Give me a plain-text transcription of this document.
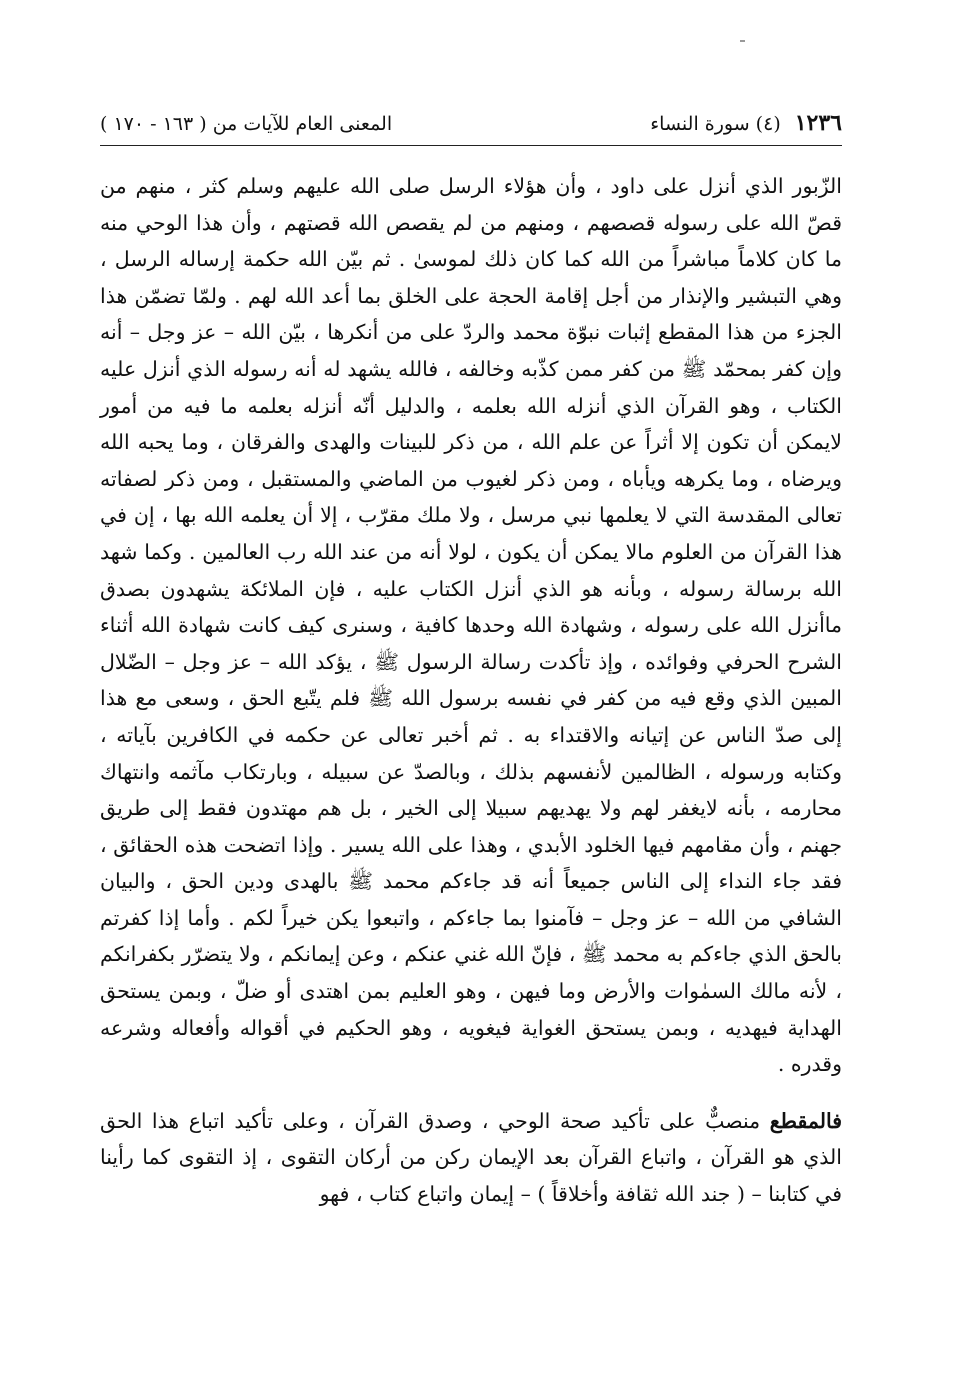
١٢٣٦
(٤) سورة النساء
المعنى العام للآيات من ( ١٦٣ - ١٧٠ )

الزّبور الذي أنزل على داود ، وأن هؤلاء الرسل صلى الله عليهم وسلم كثر ، منهم من قصّ الله على رسوله قصصهم ، ومنهم من لم يقصص الله قصتهم ، وأن هذا الوحي منه ما كان كلاماً مباشراً من الله كما كان ذلك لموسىٰ . ثم بيّن الله حكمة إرساله الرسل ، وهي التبشير والإنذار من أجل إقامة الحجة على الخلق بما أعد الله لهم . ولمّا تضمّن هذا الجزء من هذا المقطع إثبات نبوّة محمد والردّ على من أنكرها ، بيّن الله – عز وجل – أنه وإن كفر بمحمّد ﷺ من كفر ممن كذّبه وخالفه ، فالله يشهد له أنه رسوله الذي أنزل عليه الكتاب ، وهو القرآن الذي أنزله الله بعلمه ، والدليل أنّه أنزله بعلمه ما فيه من أمور لايمكن أن تكون إلا أثراً عن علم الله ، من ذكر للبينات والهدى والفرقان ، وما يحبه الله ويرضاه ، وما يكرهه ويأباه ، ومن ذكر لغيوب من الماضي والمستقبل ، ومن ذكر لصفاته تعالى المقدسة التي لا يعلمها نبي مرسل ، ولا ملك مقرّب ، إلا أن يعلمه الله بها ، إن في هذا القرآن من العلوم مالا يمكن أن يكون ، لولا أنه من عند الله رب العالمين . وكما شهد الله برسالة رسوله ، وبأنه هو الذي أنزل الكتاب عليه ، فإن الملائكة يشهدون بصدق ماأنزل الله على رسوله ، وشهادة الله وحدها كافية ، وسنرى كيف كانت شهادة الله أثناء الشرح الحرفي وفوائده ، وإذ تأكدت رسالة الرسول ﷺ ، يؤكد الله – عز وجل – الضّلال المبين الذي وقع فيه من كفر في نفسه برسول الله ﷺ فلم يتّبع الحق ، وسعى مع هذا إلى صدّ الناس عن إتيانه والاقتداء به . ثم أخبر تعالى عن حكمه في الكافرين بآياته ، وكتابه ورسوله ، الظالمين لأنفسهم بذلك ، وبالصدّ عن سبيله ، وبارتكاب مآثمه وانتهاك محارمه ، بأنه لايغفر لهم ولا يهديهم سبيلا إلى الخير ، بل هم مهتدون فقط إلى طريق جهنم ، وأن مقامهم فيها الخلود الأبدي ، وهذا على الله يسير . وإذا اتضحت هذه الحقائق ، فقد جاء النداء إلى الناس جميعاً أنه قد جاءكم محمد ﷺ بالهدى ودين الحق ، والبيان الشافي من الله – عز وجل – فآمنوا بما جاءكم ، واتبعوا يكن خيراً لكم . وأما إذا كفرتم بالحق الذي جاءكم به محمد ﷺ ، فإنّ الله غني عنكم ، وعن إيمانكم ، ولا يتضرّر بكفرانكم ، لأنه مالك السمٰوات والأرض وما فيهن ، وهو العليم بمن اهتدى أو ضلّ ، وبمن يستحق الهداية فيهديه ، وبمن يستحق الغواية فيغويه ، وهو الحكيم في أقواله وأفعاله وشرعه وقدره .

فالمقطع منصبٌّ على تأكيد صحة الوحي ، وصدق القرآن ، وعلى تأكيد اتباع هذا الحق الذي هو القرآن ، واتباع القرآن بعد الإيمان ركن من أركان التقوى ، إذ التقوى كما رأينا في كتابنا – ( جند الله ثقافة وأخلاقاً ) – إيمان واتباع كتاب ، فهو
